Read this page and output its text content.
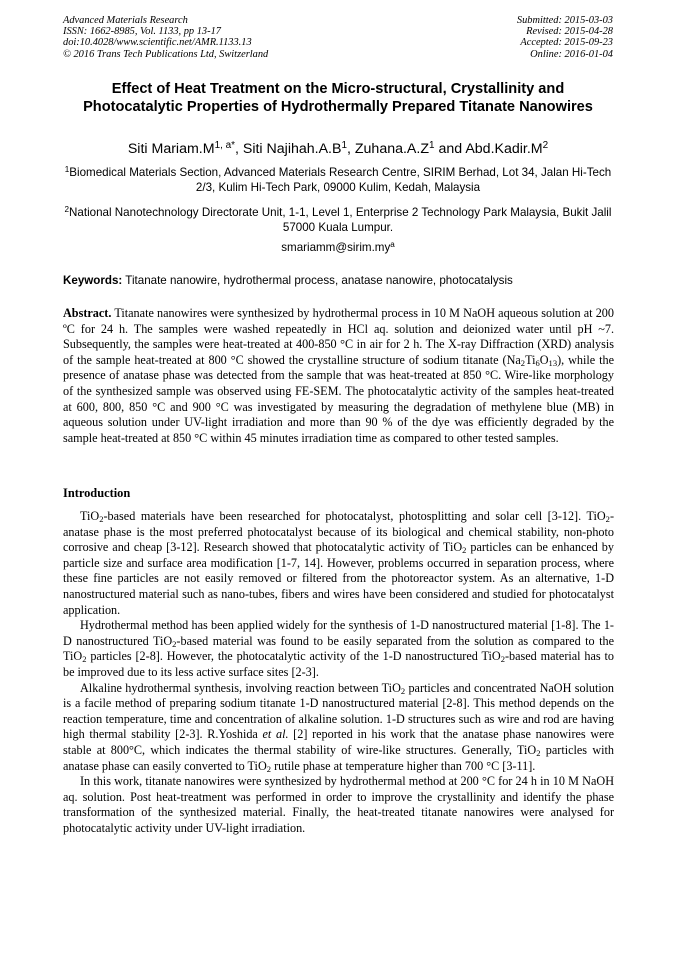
Advanced Materials Research
ISSN: 1662-8985, Vol. 1133, pp 13-17
doi:10.4028/www.scientific.net/AMR.1133.13
© 2016 Trans Tech Publications Ltd, Switzerland
Submitted: 2015-03-03
Revised: 2015-04-28
Accepted: 2015-09-23
Online: 2016-01-04
Effect of Heat Treatment on the Micro-structural, Crystallinity and Photocatalytic Properties of Hydrothermally Prepared Titanate Nanowires
Siti $Mariam.M^{1, a*}$, Siti $Najihah.A.B^1$, $Zuhana.A.Z^1$ and $Abd.Kadir.M^2$
$^1$Biomedical Materials Section, Advanced Materials Research Centre, SIRIM Berhad, Lot 34, Jalan Hi-Tech 2/3, Kulim Hi-Tech Park, 09000 Kulim, Kedah, Malaysia
$^2$National Nanotechnology Directorate Unit, 1-1, Level 1, Enterprise 2 Technology Park Malaysia, Bukit Jalil 57000 Kuala Lumpur.
$smariamm@sirim.my^a$
Keywords: Titanate nanowire, hydrothermal process, anatase nanowire, photocatalysis
Abstract. Titanate nanowires were synthesized by hydrothermal process in 10 M NaOH aqueous solution at 200 ºC for 24 h. The samples were washed repeatedly in HCl aq. solution and deionized water until pH ~7. Subsequently, the samples were heat-treated at 400-850 °C in air for 2 h. The X-ray Diffraction (XRD) analysis of the sample heat-treated at 800 °C showed the crystalline structure of sodium titanate $(Na_2Ti_6O_{13})$, while the presence of anatase phase was detected from the sample that was heat-treated at 850 °C. Wire-like morphology of the synthesized sample was observed using FE-SEM. The photocatalytic activity of the samples heat-treated at 600, 800, 850 °C and 900 °C was investigated by measuring the degradation of methylene blue (MB) in aqueous solution under UV-light irradiation and more than 90 % of the dye was efficiently degraded by the sample heat-treated at 850 °C within 45 minutes irradiation time as compared to other tested samples.
Introduction

TiO$_2$-based materials have been researched for photocatalyst, photosplitting and solar cell [3-12]. TiO$_2$-anatase phase is the most preferred photocatalyst because of its biological and chemical stability, non-photo corrosive and cheap [3-12]. Research showed that photocatalytic activity of TiO$_2$ particles can be enhanced by particle size and surface area modification [1-7, 14]. However, problems occurred in separation process, where these fine particles are not easily removed or filtered from the photoreactor system. As an alternative, 1-D nanostructured material such as nano-tubes, fibers and wires have been considered and studied for photocatalyst application.

Hydrothermal method has been applied widely for the synthesis of 1-D nanostructured material [1-8]. The 1-D nanostructured TiO$_2$-based material was found to be easily separated from the solution as compared to the TiO$_2$ particles [2-8]. However, the photocatalytic activity of the 1-D nanostructured TiO$_2$-based material has to be improved due to its less active surface sites [2-3].

Alkaline hydrothermal synthesis, involving reaction between TiO$_2$ particles and concentrated NaOH solution is a facile method of preparing sodium titanate 1-D nanostructured material [2-8]. This method depends on the reaction temperature, time and concentration of alkaline solution. 1-D structures such as wire and rod are having high thermal stability [2-3]. R.Yoshida et al. [2] reported in his work that the anatase phase nanowires were stable at 800°C, which indicates the thermal stability of wire-like structures. Generally, TiO$_2$ particles with anatase phase can easily converted to TiO$_2$ rutile phase at temperature higher than 700 °C [3-11].

In this work, titanate nanowires were synthesized by hydrothermal method at 200 °C for 24 h in 10 M NaOH aq. solution. Post heat-treatment was performed in order to improve the crystallinity and identify the phase transformation of the synthesized material. Finally, the heat-treated titanate nanowires were analysed for photocatalytic activity under UV-light irradiation.
